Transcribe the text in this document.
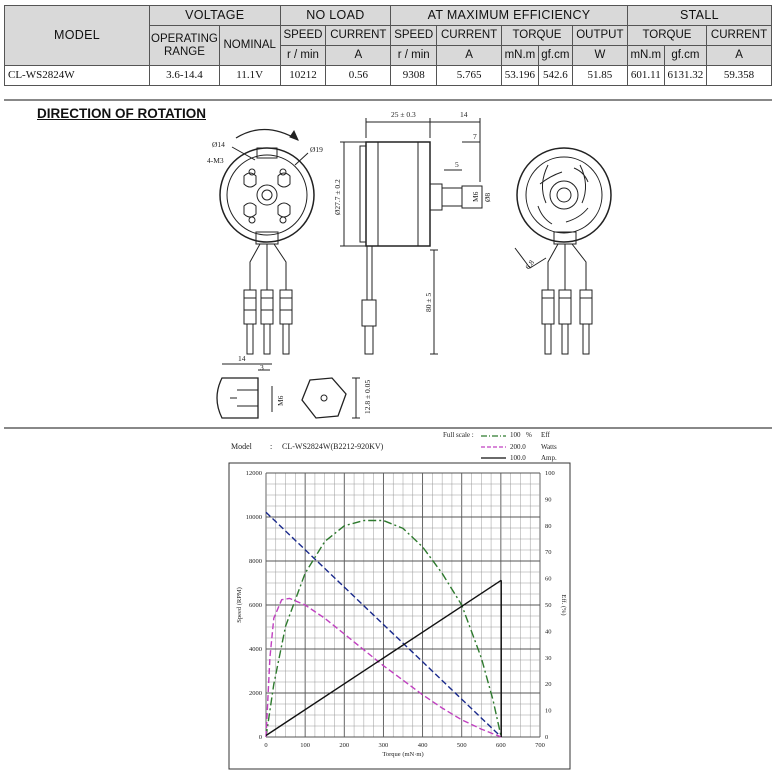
MODEL	VOLTAGE		NO LOAD		AT MAXIMUM EFFICIENCY					STALL		
	OPERATING RANGE	NOMINAL	SPEED	CURRENT	SPEED	CURRENT	TORQUE		OUTPUT	TORQUE		CURRENT
			r / min	A	r / min	A	mN.m	gf.cm	W	mN.m	gf.cm	A
CL-WS2824W	3.6-14.4	11.1V	10212	0.56	9308	5.765	53.196	542.6	51.85	601.11	6131.32	59.358
DIRECTION OF ROTATION
Ø14
4-M3
Ø19
25 ± 0.3	14
7
5
M6 Ø8
Ø27.7 ± 0.2
80 ± 5
6.8
14
3
M6	12.8 ± 0.05
Model : CL-WS2824W(B2212-920KV)
Full scale :	100 % Eff
200.0 Watts
100.0 Amp.
0	100	200	300	400	500	600	700
0
2000
4000
6000
8000
10000
12000
0
10
20
30
40
50
60
70
80
90
100
Speed (RPM)	Eff. (%)
Torque (mN·m)
